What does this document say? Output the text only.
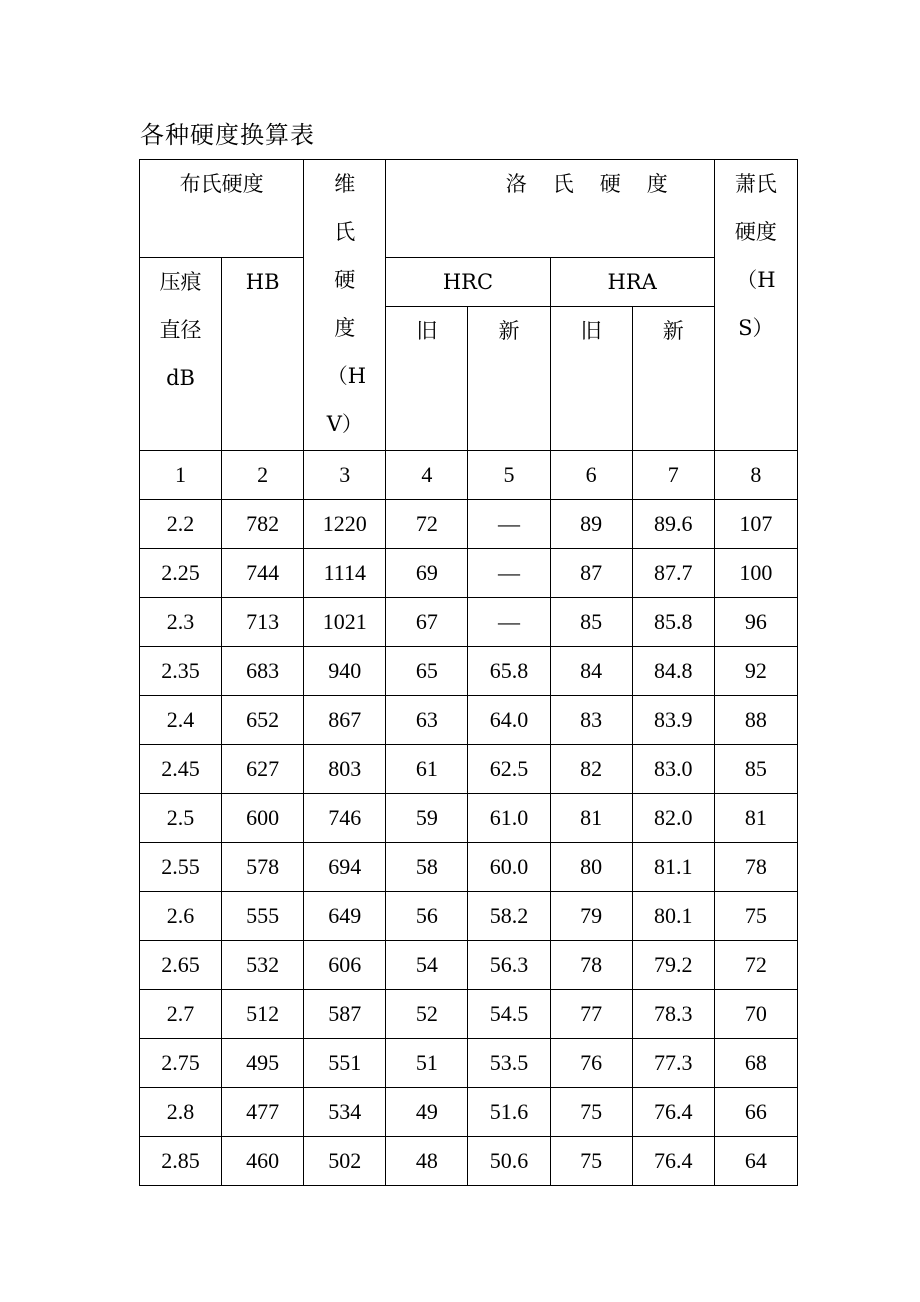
各种硬度换算表
布氏硬度		维氏硬度（HV）	洛氏硬度				萧氏硬度（HS）

压痕直径dB	HB		HRC		HRA		
			旧	新	旧	新	
1	2	3	4	5	6	7	8
2.2	782	1220	72	—	89	89.6	107
2.25	744	1114	69	—	87	87.7	100
2.3	713	1021	67	—	85	85.8	96
2.35	683	940	65	65.8	84	84.8	92
2.4	652	867	63	64.0	83	83.9	88
2.45	627	803	61	62.5	82	83.0	85
2.5	600	746	59	61.0	81	82.0	81
2.55	578	694	58	60.0	80	81.1	78
2.6	555	649	56	58.2	79	80.1	75
2.65	532	606	54	56.3	78	79.2	72
2.7	512	587	52	54.5	77	78.3	70
2.75	495	551	51	53.5	76	77.3	68
2.8	477	534	49	51.6	75	76.4	66
2.85	460	502	48	50.6	75	76.4	64
